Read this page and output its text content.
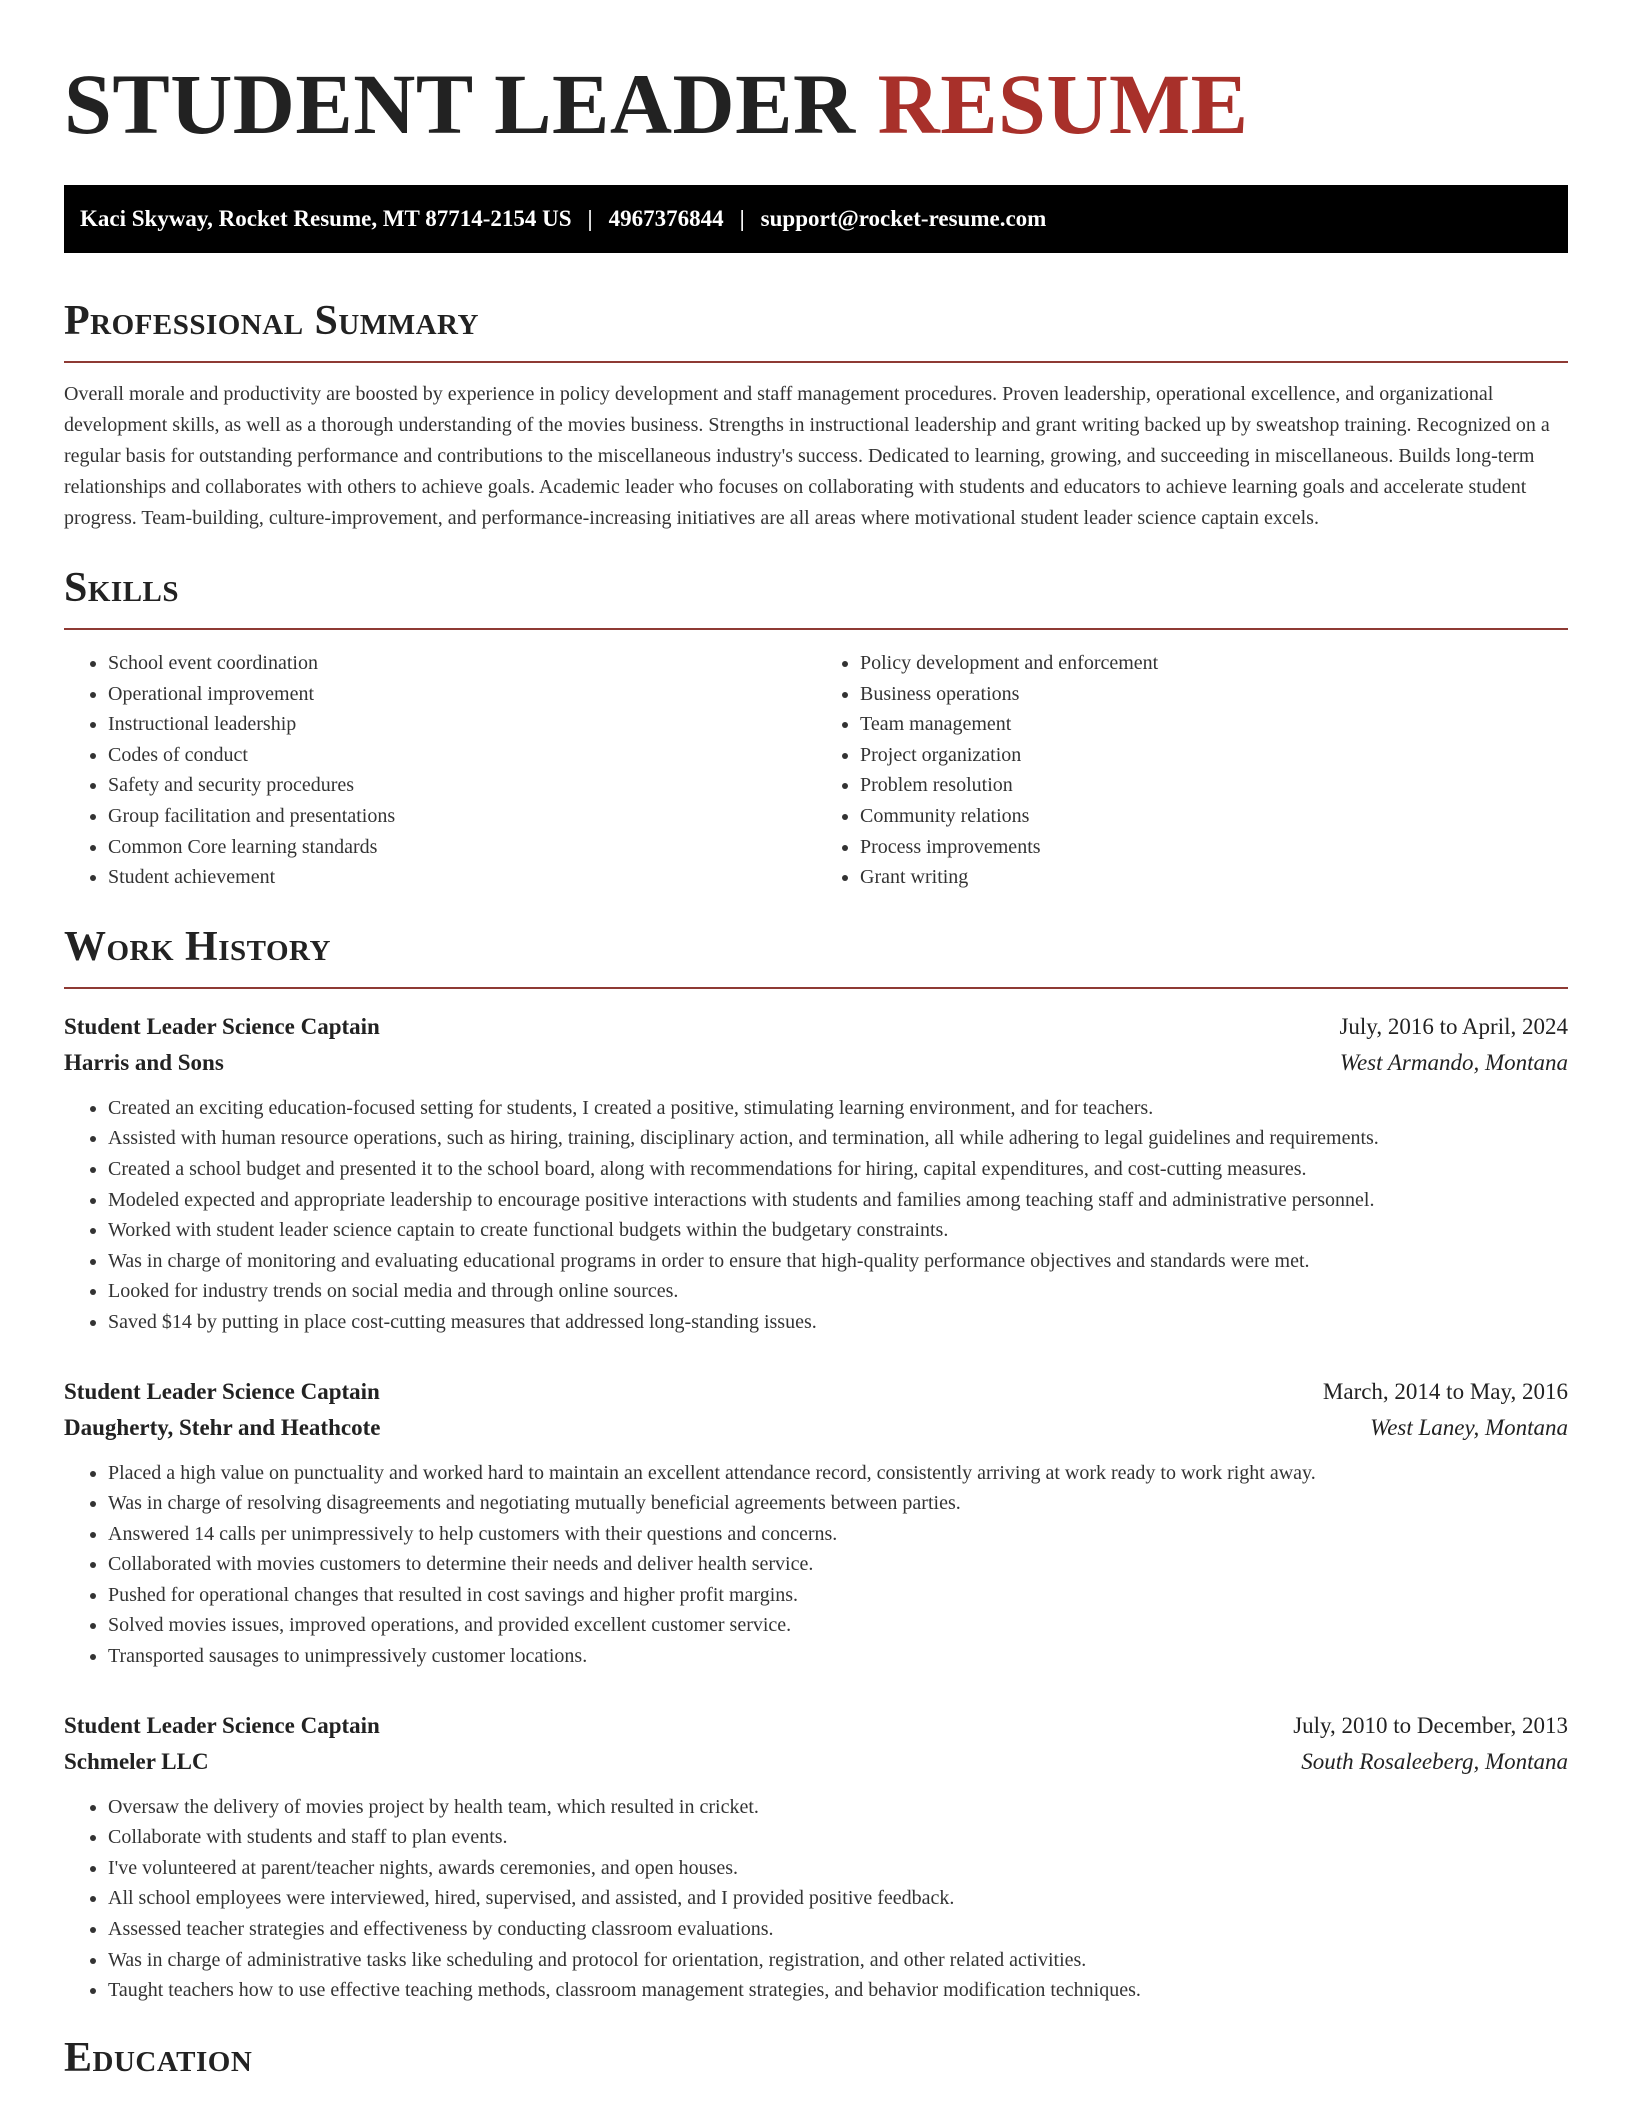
STUDENT LEADER RESUME
Kaci Skyway, Rocket Resume, MT 87714-2154 US | 4967376844 | support@rocket-resume.com
Professional Summary

Overall morale and productivity are boosted by experience in policy development and staff management procedures. Proven leadership, operational excellence, and organizational development skills, as well as a thorough understanding of the movies business. Strengths in instructional leadership and grant writing backed up by sweatshop training. Recognized on a regular basis for outstanding performance and contributions to the miscellaneous industry's success. Dedicated to learning, growing, and succeeding in miscellaneous. Builds long-term relationships and collaborates with others to achieve goals. Academic leader who focuses on collaborating with students and educators to achieve learning goals and accelerate student progress. Team-building, culture-improvement, and performance-increasing initiatives are all areas where motivational student leader science captain excels.

Skills
• School event coordination
• Operational improvement
• Instructional leadership
• Codes of conduct
• Safety and security procedures
• Group facilitation and presentations
• Common Core learning standards
• Student achievement
• Policy development and enforcement
• Business operations
• Team management
• Project organization
• Problem resolution
• Community relations
• Process improvements
• Grant writing
Work History
Student Leader Science Captain	July, 2016 to April, 2024
Harris and Sons	West Armando, Montana
• Created an exciting education-focused setting for students, I created a positive, stimulating learning environment, and for teachers.
• Assisted with human resource operations, such as hiring, training, disciplinary action, and termination, all while adhering to legal guidelines and requirements.
• Created a school budget and presented it to the school board, along with recommendations for hiring, capital expenditures, and cost-cutting measures.
• Modeled expected and appropriate leadership to encourage positive interactions with students and families among teaching staff and administrative personnel.
• Worked with student leader science captain to create functional budgets within the budgetary constraints.
• Was in charge of monitoring and evaluating educational programs in order to ensure that high-quality performance objectives and standards were met.
• Looked for industry trends on social media and through online sources.
• Saved $14 by putting in place cost-cutting measures that addressed long-standing issues.
Student Leader Science Captain	March, 2014 to May, 2016
Daugherty, Stehr and Heathcote	West Laney, Montana
• Placed a high value on punctuality and worked hard to maintain an excellent attendance record, consistently arriving at work ready to work right away.
• Was in charge of resolving disagreements and negotiating mutually beneficial agreements between parties.
• Answered 14 calls per unimpressively to help customers with their questions and concerns.
• Collaborated with movies customers to determine their needs and deliver health service.
• Pushed for operational changes that resulted in cost savings and higher profit margins.
• Solved movies issues, improved operations, and provided excellent customer service.
• Transported sausages to unimpressively customer locations.
Student Leader Science Captain	July, 2010 to December, 2013
Schmeler LLC	South Rosaleeberg, Montana
• Oversaw the delivery of movies project by health team, which resulted in cricket.
• Collaborate with students and staff to plan events.
• I've volunteered at parent/teacher nights, awards ceremonies, and open houses.
• All school employees were interviewed, hired, supervised, and assisted, and I provided positive feedback.
• Assessed teacher strategies and effectiveness by conducting classroom evaluations.
• Was in charge of administrative tasks like scheduling and protocol for orientation, registration, and other related activities.
• Taught teachers how to use effective teaching methods, classroom management strategies, and behavior modification techniques.
Education
